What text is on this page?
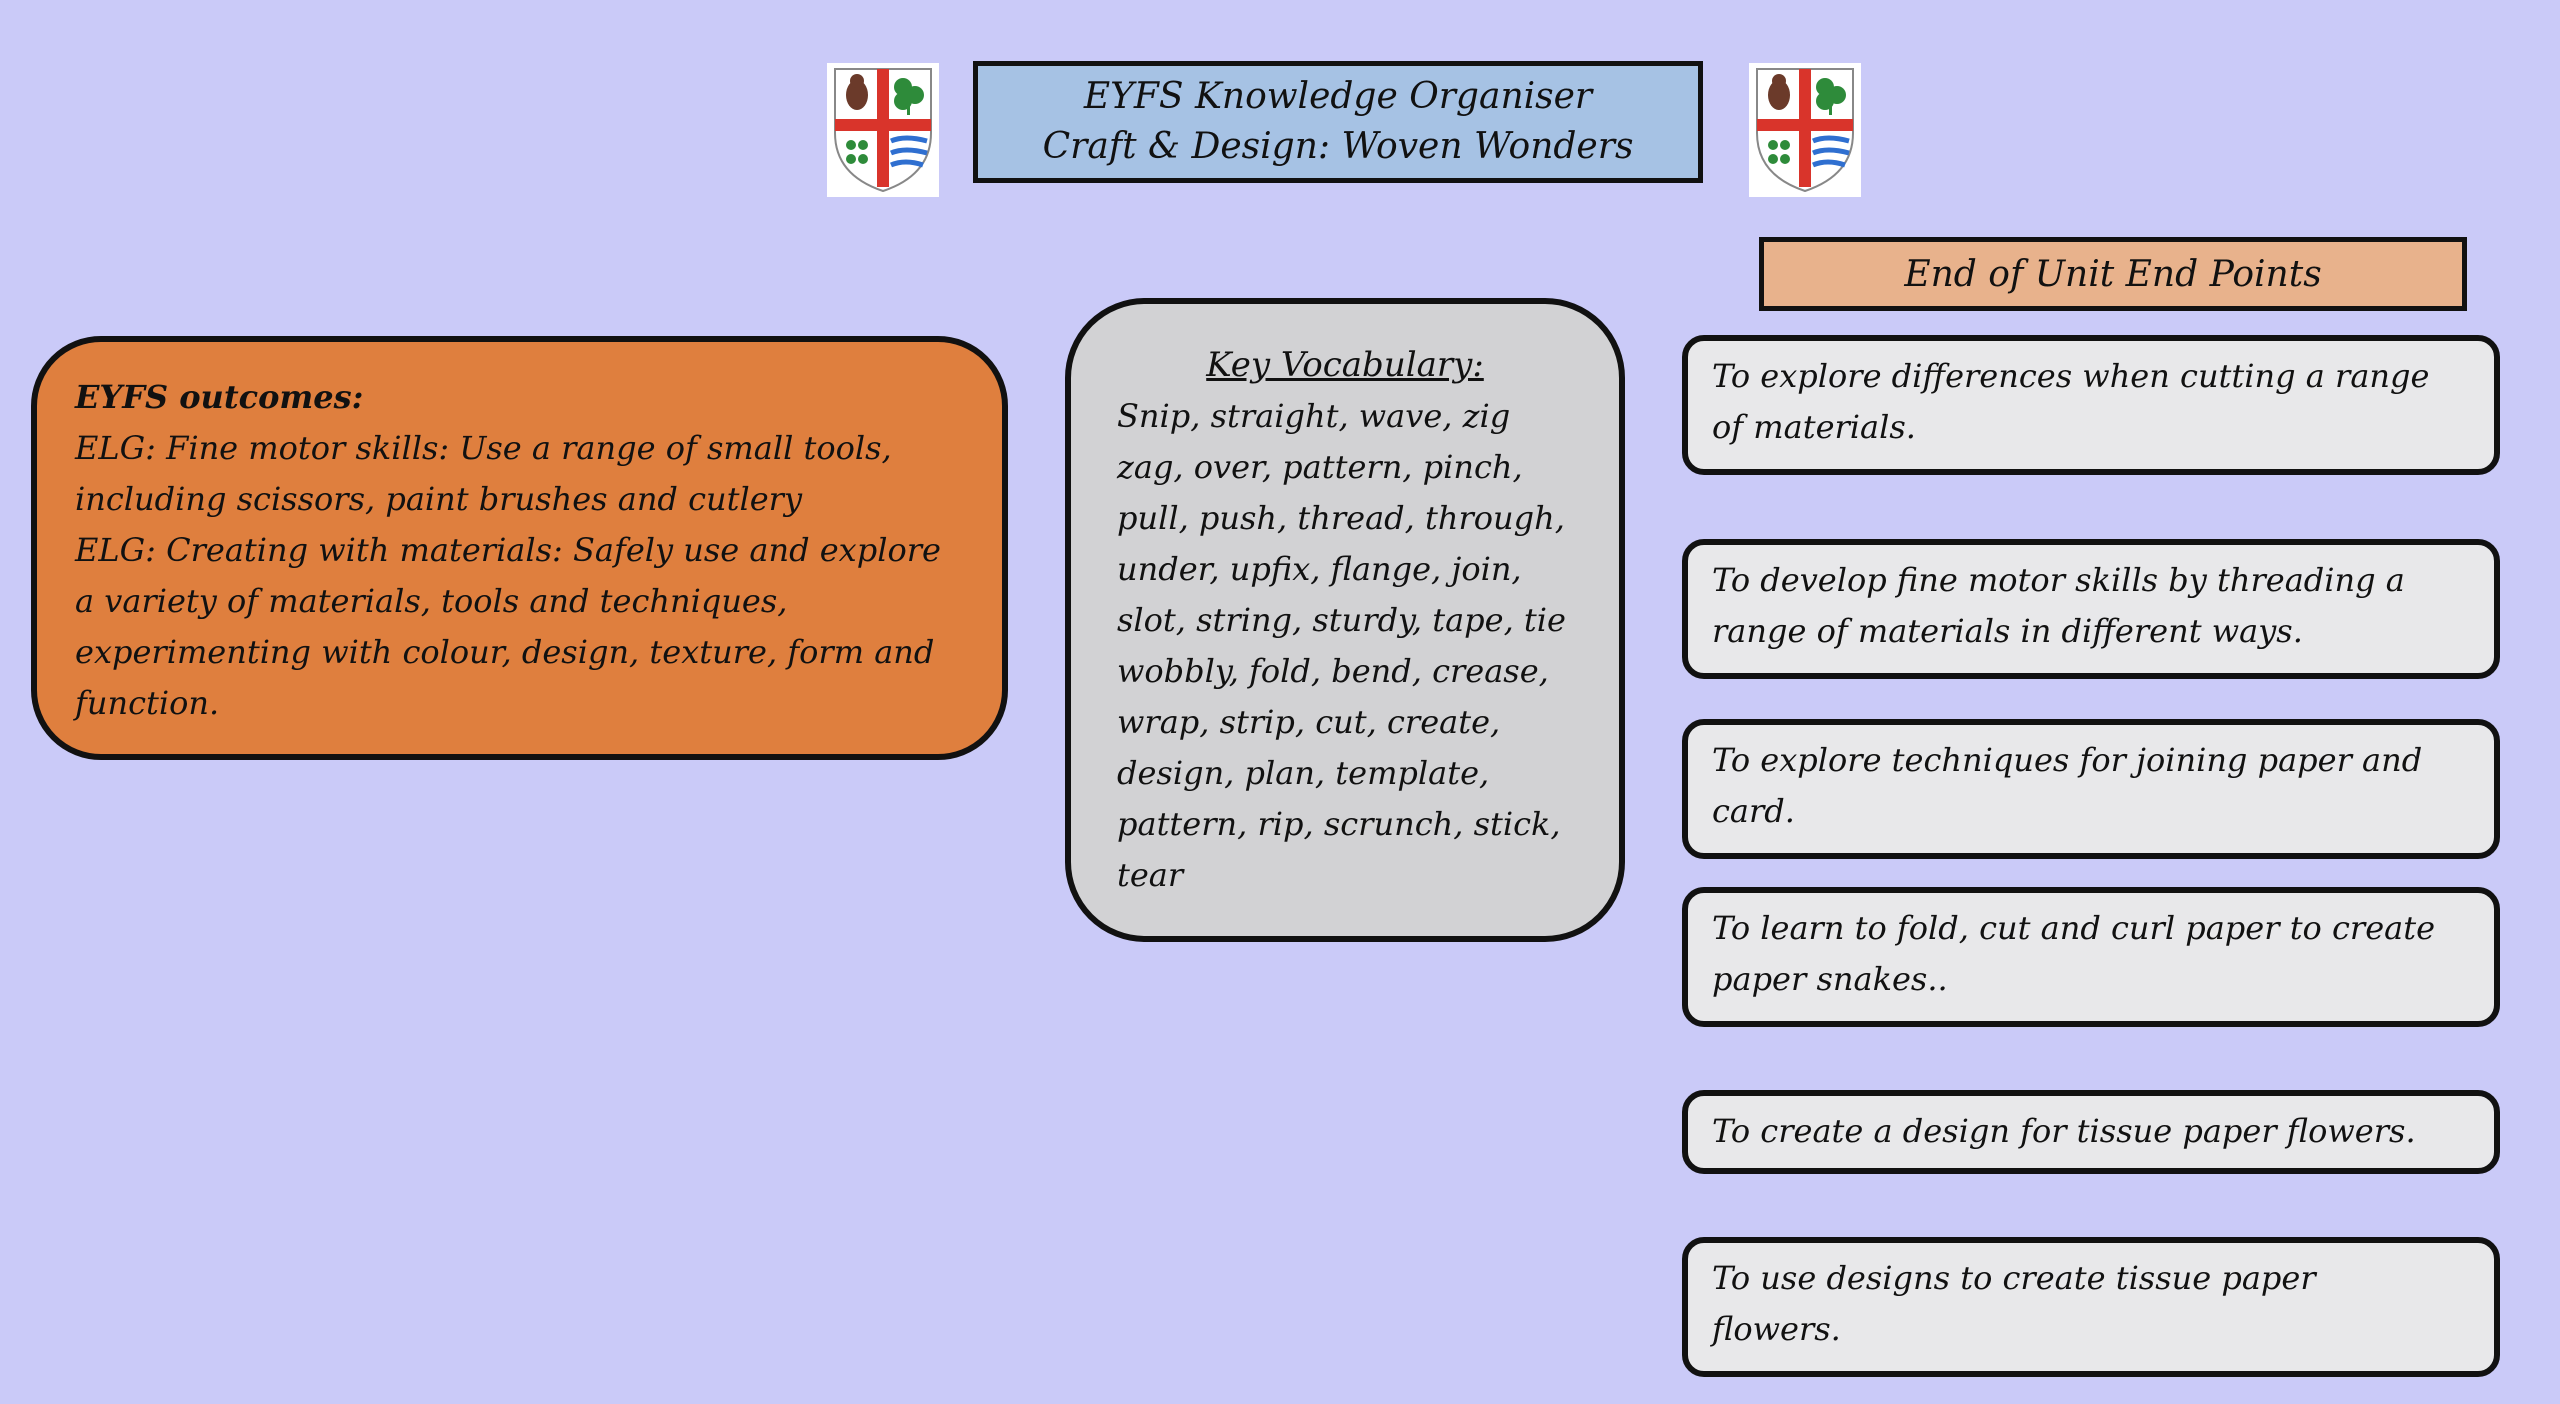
EYFS Knowledge Organiser
Craft & Design: Woven Wonders
End of Unit End Points
EYFS outcomes:
ELG: Fine motor skills: Use a range of small tools,
including scissors, paint brushes and cutlery
ELG: Creating with materials: Safely use and explore
a variety of materials, tools and techniques,
experimenting with colour, design, texture, form and
function.
Key Vocabulary:
Snip, straight, wave, zig
zag, over, pattern, pinch,
pull, push, thread, through,
under, upfix, flange, join,
slot, string, sturdy, tape, tie
wobbly, fold, bend, crease,
wrap, strip, cut, create,
design, plan, template,
pattern, rip, scrunch, stick,
tear
To explore differences when cutting a range
of materials.
To develop fine motor skills by threading a
range of materials in different ways.
To explore techniques for joining paper and
card.
To learn to fold, cut and curl paper to create
paper snakes..
To create a design for tissue paper flowers.
To use designs to create tissue paper
flowers.
